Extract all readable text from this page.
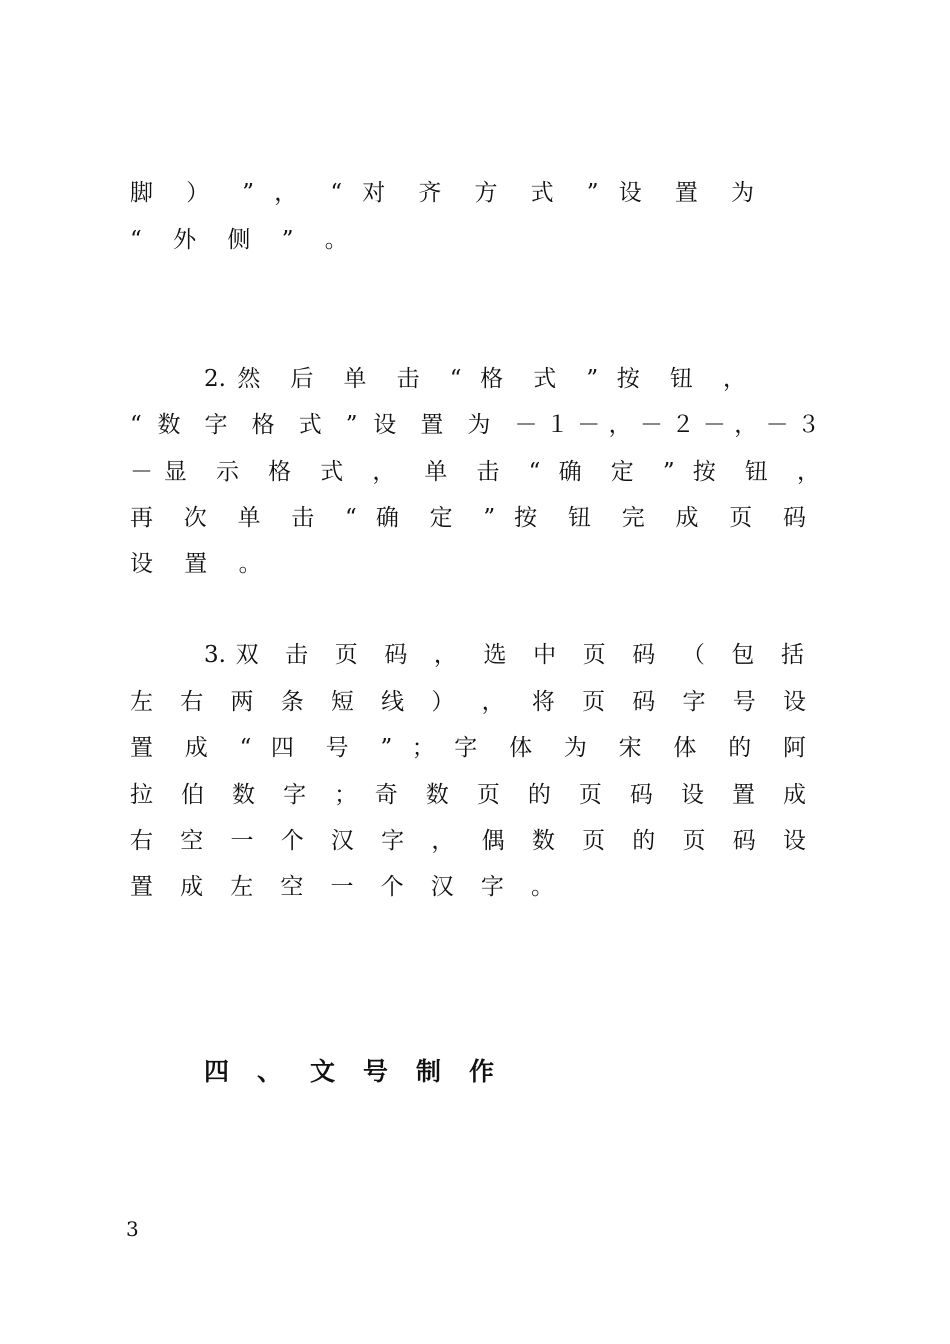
脚 ） ” ， “ 对 齐 方 式 ” 设 置 为
“ 外 侧 ” 。
2.然 后 单 击 “ 格 式 ” 按 钮 ，
“ 数 字 格 式 ” 设 置 为 －１－，－２－，－３
－显 示 格 式 ， 单 击 “ 确 定 ” 按 钮 ，
再 次 单 击 “ 确 定 ” 按 钮 完 成 页 码
设 置 。
3.双 击 页 码 ， 选 中 页 码 （ 包 括
左 右 两 条 短 线 ） ， 将 页 码 字 号 设
置 成 “ 四 号 ” ； 字 体 为 宋 体 的 阿
拉 伯 数 字 ； 奇 数 页 的 页 码 设 置 成
右 空 一 个 汉 字 ， 偶 数 页 的 页 码 设
置 成 左 空 一 个 汉 字 。
四 、 文 号 制 作
3
